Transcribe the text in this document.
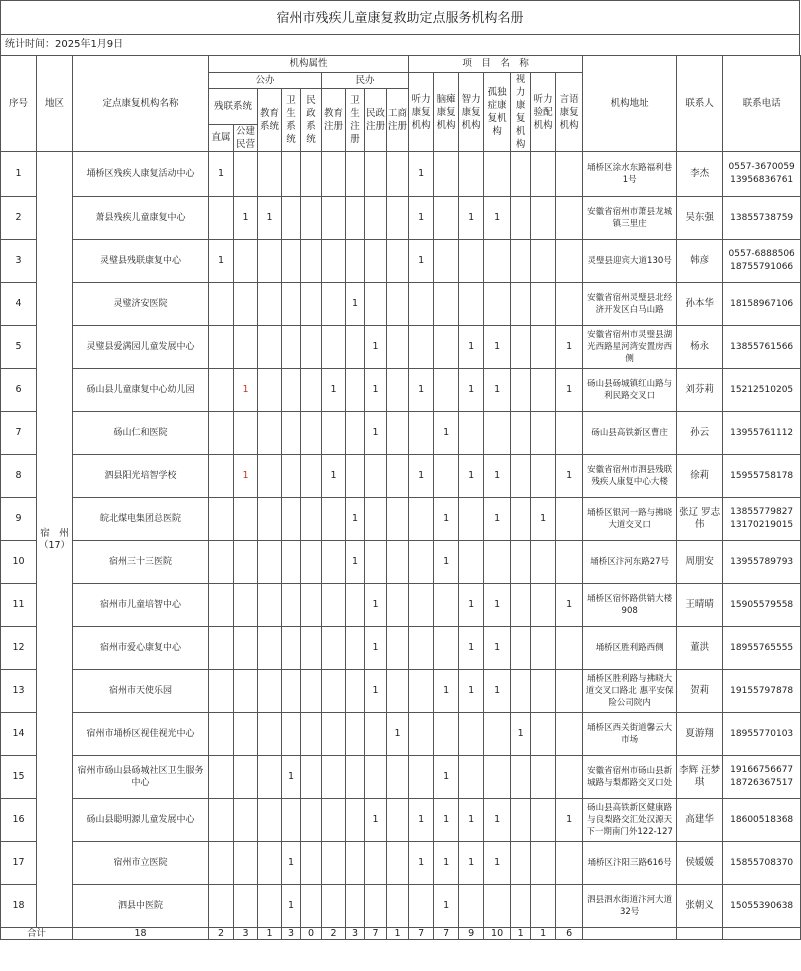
宿州市残疾儿童康复救助定点服务机构名册
统计时间：2025年1月9日
序号	地区	定点康复机构名称	机构属性									项　目　名　称							机构地址	联系人	联系电话
			公办					民办				听力康复机构	脑瘫康复机构	智力康复机构	孤独症康复机构	视力康复机构	听力验配机构	言语康复机构			
			残联系统		教育系统	卫生系统	民政系统	教育注册	卫生注册	民政注册	工商注册										
			直属	公建民营																	
1	宿　州（17）	埇桥区残疾人康复活动中心	1									1							埇桥区涂水东路福利巷1号	李杰	0557-3670059
13956836761

2		萧县残疾儿童康复中心		1	1							1		1	1				安徽省宿州市萧县龙城镇三里庄	吴东强	13855738759

3		灵璧县残联康复中心	1									1							灵璧县迎宾大道130号	韩彦	0557-6888506
18755791066

4		灵璧济安医院							1										安徽省宿州灵璧县北经济开发区白马山路	孙本华	18158967106

5		灵璧县爱满园儿童发展中心								1				1	1			1	安徽省宿州市灵璧县湖光西路星河湾安置房西侧	杨永	13855761566

6		砀山县儿童康复中心幼儿园		1				1		1		1		1	1			1	砀山县砀城镇红山路与利民路交叉口	刘芬莉	15212510205

7		砀山仁和医院								1			1						砀山县高铁新区曹庄	孙云	13955761112

8		泗县阳光培智学校		1				1				1		1	1			1	安徽省宿州市泗县残联残疾人康复中心大楼	徐莉	15955758178

9		皖北煤电集团总医院							1				1		1		1		埇桥区银河一路与拂晓大道交叉口	张辽 罗志伟	13855779827
13170219015

10		宿州三十三医院							1				1						埇桥区汴河东路27号	周朋安	13955789793

11		宿州市儿童培智中心								1				1	1			1	埇桥区宿怀路供销大楼908	王晴晴	15905579558

12		宿州市爱心康复中心								1				1	1				埇桥区胜利路西侧	董洪	18955765555

13		宿州市天使乐园								1			1	1	1				埇桥区胜利路与拂晓大道交叉口路北 惠平安保险公司院内	贺莉	19155797878

14		宿州市埇桥区视佳视光中心									1					1			埇桥区西关街道馨云大市场	夏游翔	18955770103

15		宿州市砀山县砀城社区卫生服务中心				1							1						安徽省宿州市砀山县新城路与梨都路交叉口处	李辉 汪梦琪	19166756677
18726367517

16		砀山县聪明源儿童发展中心								1		1	1	1	1			1	砀山县高铁新区健康路与良梨路交汇处汉源天下一期南门外122-127	高建华	18600518368

17		宿州市立医院				1						1	1	1	1				埇桥区汴阳三路616号	侯媛媛	15855708370

18		泗县中医院				1							1						泗县泗水街道汴河大道32号	张朝义	15055390638

合计		18	2	3	1	3	0	2	3	7	1	7	7	9	10	1	1	6			
